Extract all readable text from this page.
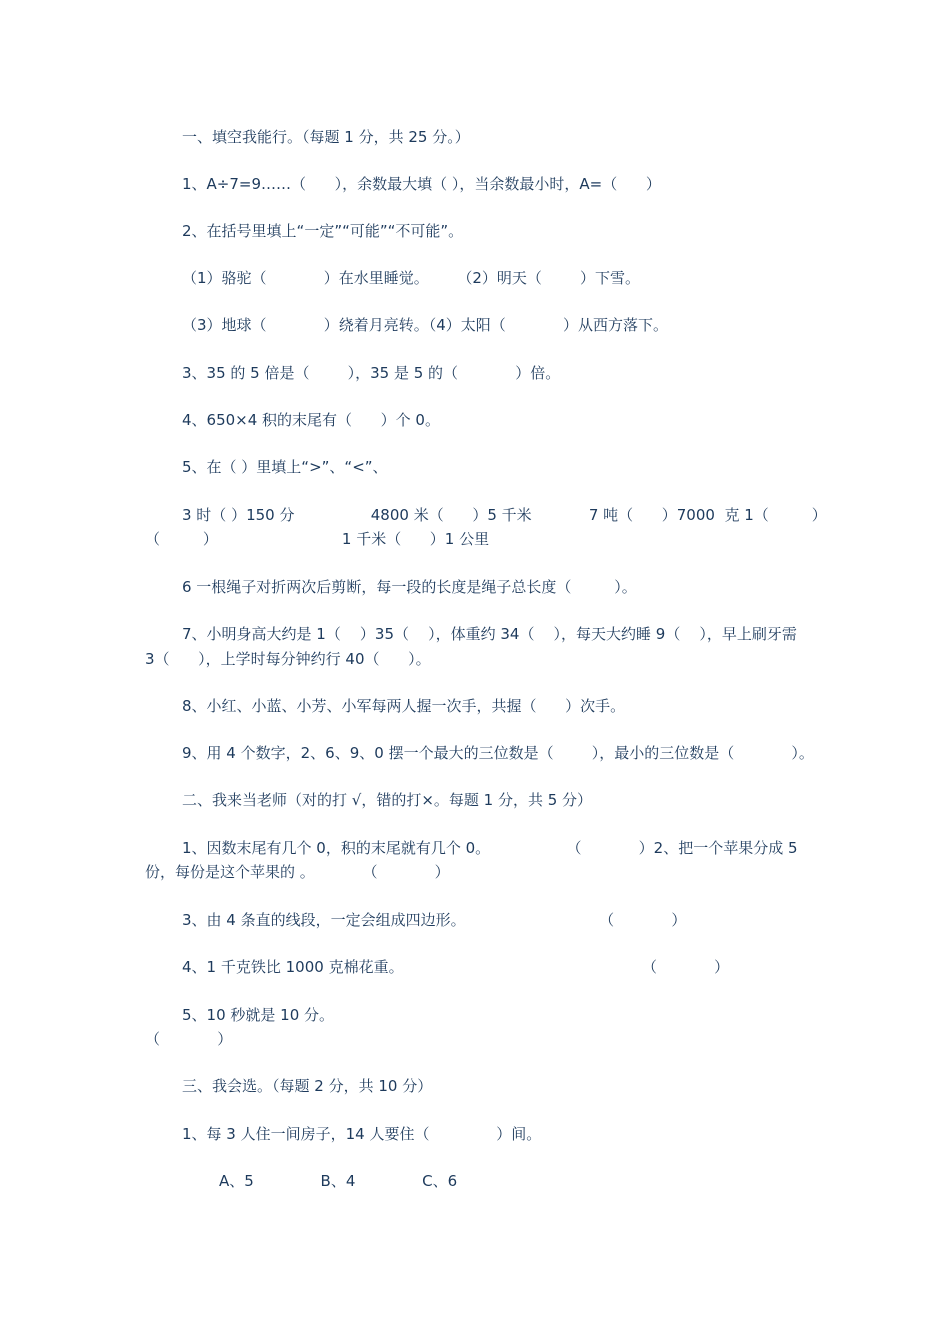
一、填空我能行。（每题 1 分，共 25 分。）
1、A÷7=9……（      ），余数最大填（ ），当余数最小时，A=（      ）
2、在括号里填上“一定”“可能”“不可能”。
（1）骆驼（            ）在水里睡觉。      （2）明天（        ）下雪。
（3）地球（            ）绕着月亮转。（4）太阳（            ）从西方落下。
3、35 的 5 倍是（        ），35 是 5 的（            ）倍。
4、650×4 积的末尾有（      ）个 0。
5、在（ ）里填上“>”、“<”、
3 时（ ）150 分                4800 米（      ）5 千米            7 吨（      ）7000  克 1（         ）
（         ）                          1 千米（      ）1 公里
6 一根绳子对折两次后剪断，每一段的长度是绳子总长度（         ）。
7、小明身高大约是 1（    ）35（    ），体重约 34（    ），每天大约睡 9（    ），早上刷牙需
3（      ），上学时每分钟约行 40（      ）。
8、小红、小蓝、小芳、小军每两人握一次手，共握（      ）次手。
9、用 4 个数字，2、6、9、0 摆一个最大的三位数是（        ），最小的三位数是（            ）。
二、我来当老师（对的打 √，错的打×。每题 1 分，共 5 分）
1、因数末尾有几个 0，积的末尾就有几个 0。                （            ）2、把一个苹果分成 5
份，每份是这个苹果的 。          （            ）
3、由 4 条直的线段，一定会组成四边形。                            （            ）
4、1 千克铁比 1000 克棉花重。                                                  （            ）
5、10 秒就是 10 分。
（            ）
三、我会选。（每题 2 分，共 10 分）
1、每 3 人住一间房子，14 人要住（              ）间。
A、5              B、4              C、6
